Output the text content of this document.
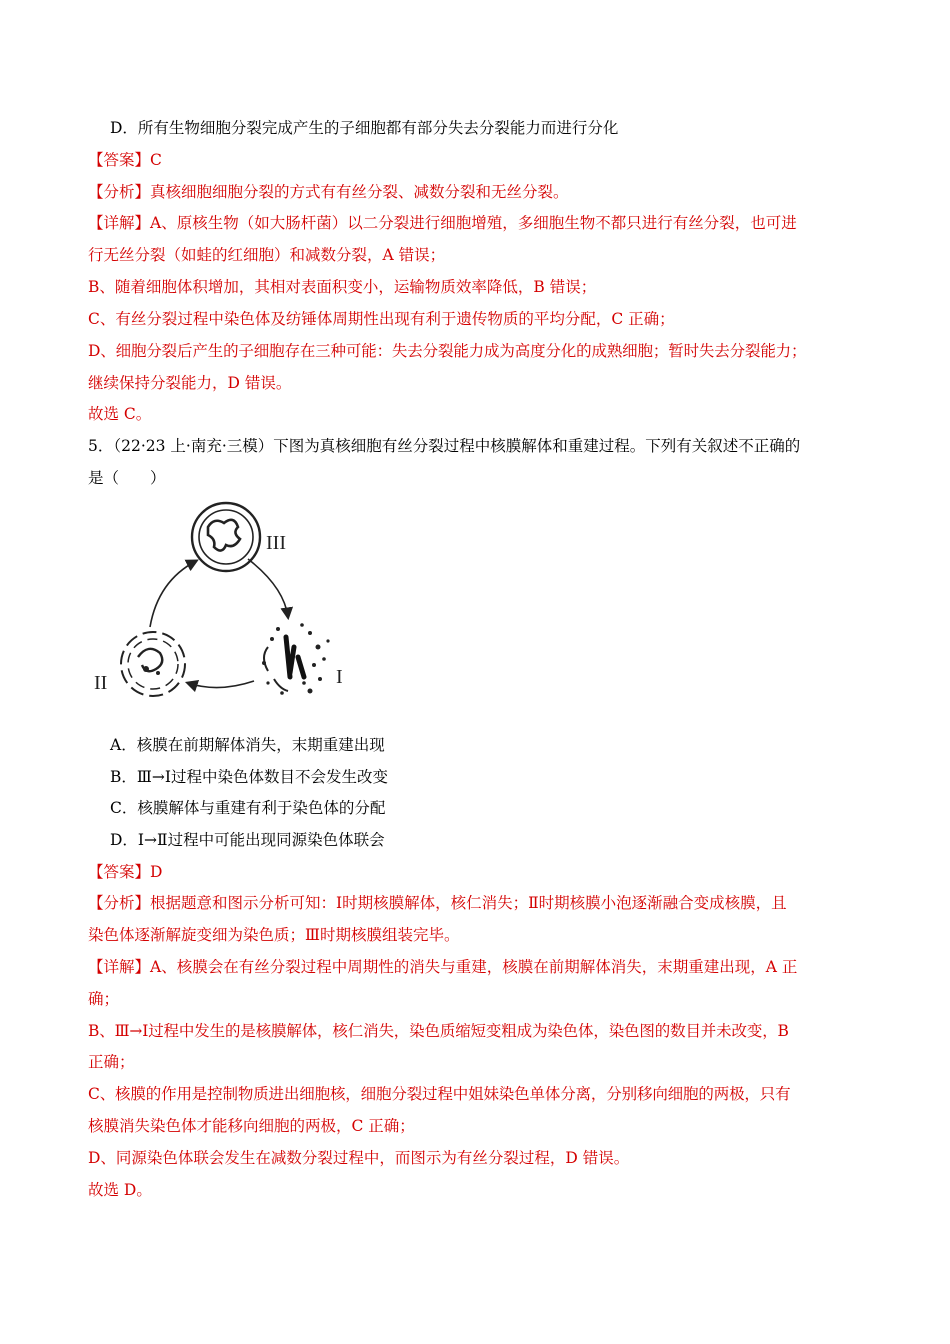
D．所有生物细胞分裂完成产生的子细胞都有部分失去分裂能力而进行分化
【答案】C
【分析】真核细胞细胞分裂的方式有有丝分裂、减数分裂和无丝分裂。
【详解】A、原核生物（如大肠杆菌）以二分裂进行细胞增殖，多细胞生物不都只进行有丝分裂，也可进
行无丝分裂（如蛙的红细胞）和减数分裂，A 错误；
B、随着细胞体积增加，其相对表面积变小，运输物质效率降低，B 错误；
C、有丝分裂过程中染色体及纺锤体周期性出现有利于遗传物质的平均分配，C 正确；
D、细胞分裂后产生的子细胞存在三种可能：失去分裂能力成为高度分化的成熟细胞；暂时失去分裂能力；
继续保持分裂能力，D 错误。
故选 C。
5．（22·23 上·南充·三模）下图为真核细胞有丝分裂过程中核膜解体和重建过程。下列有关叙述不正确的
是（　　）
III
II	I
A．核膜在前期解体消失，末期重建出现
B．Ⅲ→Ⅰ过程中染色体数目不会发生改变
C．核膜解体与重建有利于染色体的分配
D．Ⅰ→Ⅱ过程中可能出现同源染色体联会
【答案】D
【分析】根据题意和图示分析可知：Ⅰ时期核膜解体，核仁消失；Ⅱ时期核膜小泡逐渐融合变成核膜，且
染色体逐渐解旋变细为染色质；Ⅲ时期核膜组装完毕。
【详解】A、核膜会在有丝分裂过程中周期性的消失与重建，核膜在前期解体消失，末期重建出现，A 正
确；
B、Ⅲ→Ⅰ过程中发生的是核膜解体，核仁消失，染色质缩短变粗成为染色体，染色图的数目并未改变，B
正确；
C、核膜的作用是控制物质进出细胞核，细胞分裂过程中姐妹染色单体分离，分别移向细胞的两极，只有
核膜消失染色体才能移向细胞的两极，C 正确；
D、同源染色体联会发生在减数分裂过程中，而图示为有丝分裂过程，D 错误。
故选 D。
